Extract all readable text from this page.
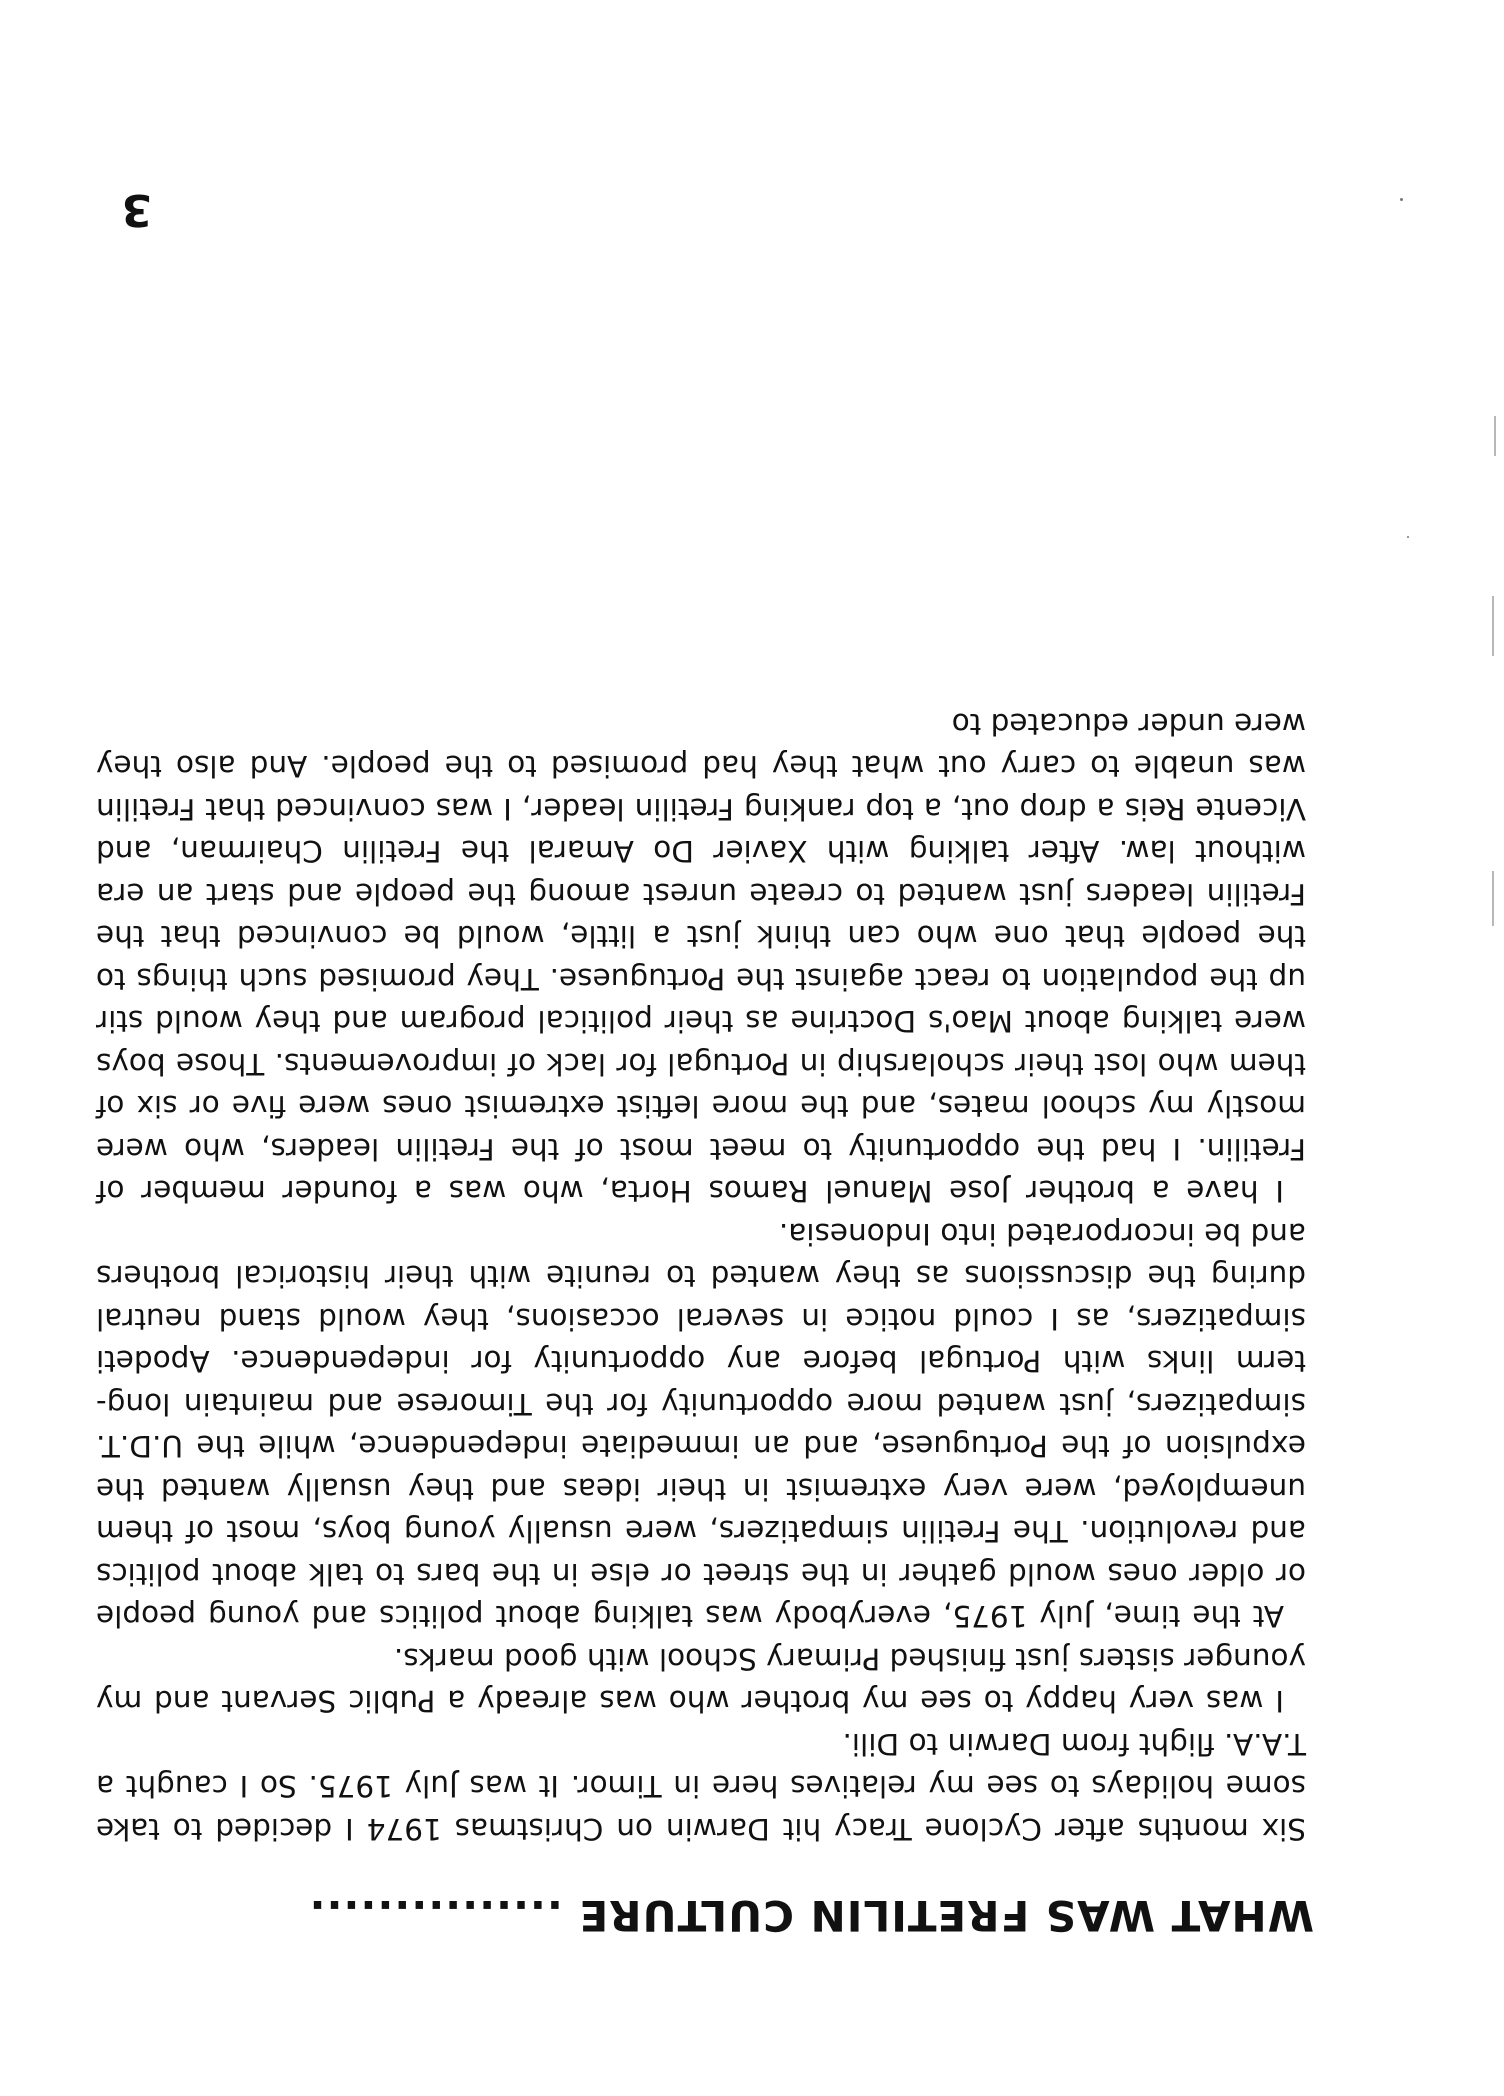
WHAT WAS FRETILIN CULTURE ...............

Six months after Cyclone Tracy hit Darwin on Christmas 1974 I decided to take some holidays to see my relatives here in Timor. It was July 1975. So I caught a T.A.A. flight from Darwin to Dili.

I was very happy to see my brother who was already a Public Servant and my younger sisters just finished Primary School with good marks.

At the time, July 1975, everybody was talking about politics and young people or older ones would gather in the street or else in the bars to talk about politics and revolution. The Fretilin simpatizers, were usually young boys, most of them unemployed, were very extremist in their ideas and they usually wanted the expulsion of the Portuguese, and an immediate independence, while the U.D.T. simpatizers, just wanted more opportunity for the Timorese and maintain long-term links with Portugal before any opportunity for independence. Apodeti simpatizers, as I could notice in several occasions, they would stand neutral during the discussions as they wanted to reunite with their historical brothers and be incorporated into Indonesia.

I have a brother Jose Manuel Ramos Horta, who was a founder member of Fretilin. I had the opportunity to meet most of the Fretilin leaders, who were mostly my school mates, and the more leftist extremist ones were five or six of them who lost their scholarship in Portugal for lack of improvements. Those boys were talking about Mao's Doctrine as their political program and they would stir up the population to react against the Portuguese. They promised such things to the people that one who can think just a little, would be convinced that the Fretilin leaders just wanted to create unrest among the people and start an era without law. After talking with Xavier Do Amaral the Fretilin Chairman, and Vicente Reis a drop out, a top ranking Fretilin leader, I was convinced that Fretilin was unable to carry out what they had promised to the people. And also they were under educated to

3
